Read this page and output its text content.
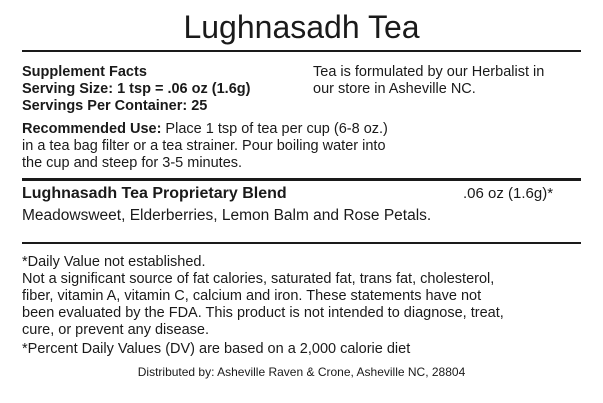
Lughnasadh Tea
Supplement Facts
Serving Size: 1 tsp = .06 oz (1.6g)
Servings Per Container: 25
Tea is formulated by our Herbalist in
our store in Asheville NC.
Recommended Use: Place 1 tsp of tea per cup (6-8 oz.)
in a tea bag filter or a tea strainer. Pour boiling water into
the cup and steep for 3-5 minutes.
Lughnasadh Tea Proprietary Blend	.06 oz (1.6g)*
Meadowsweet, Elderberries, Lemon Balm and Rose Petals.
*Daily Value not established.
Not a significant source of fat calories, saturated fat, trans fat, cholesterol,
fiber, vitamin A, vitamin C, calcium and iron. These statements have not
been evaluated by the FDA. This product is not intended to diagnose, treat,
cure, or prevent any disease.
*Percent Daily Values (DV) are based on a 2,000 calorie diet
Distributed by: Asheville Raven & Crone, Asheville NC, 28804
